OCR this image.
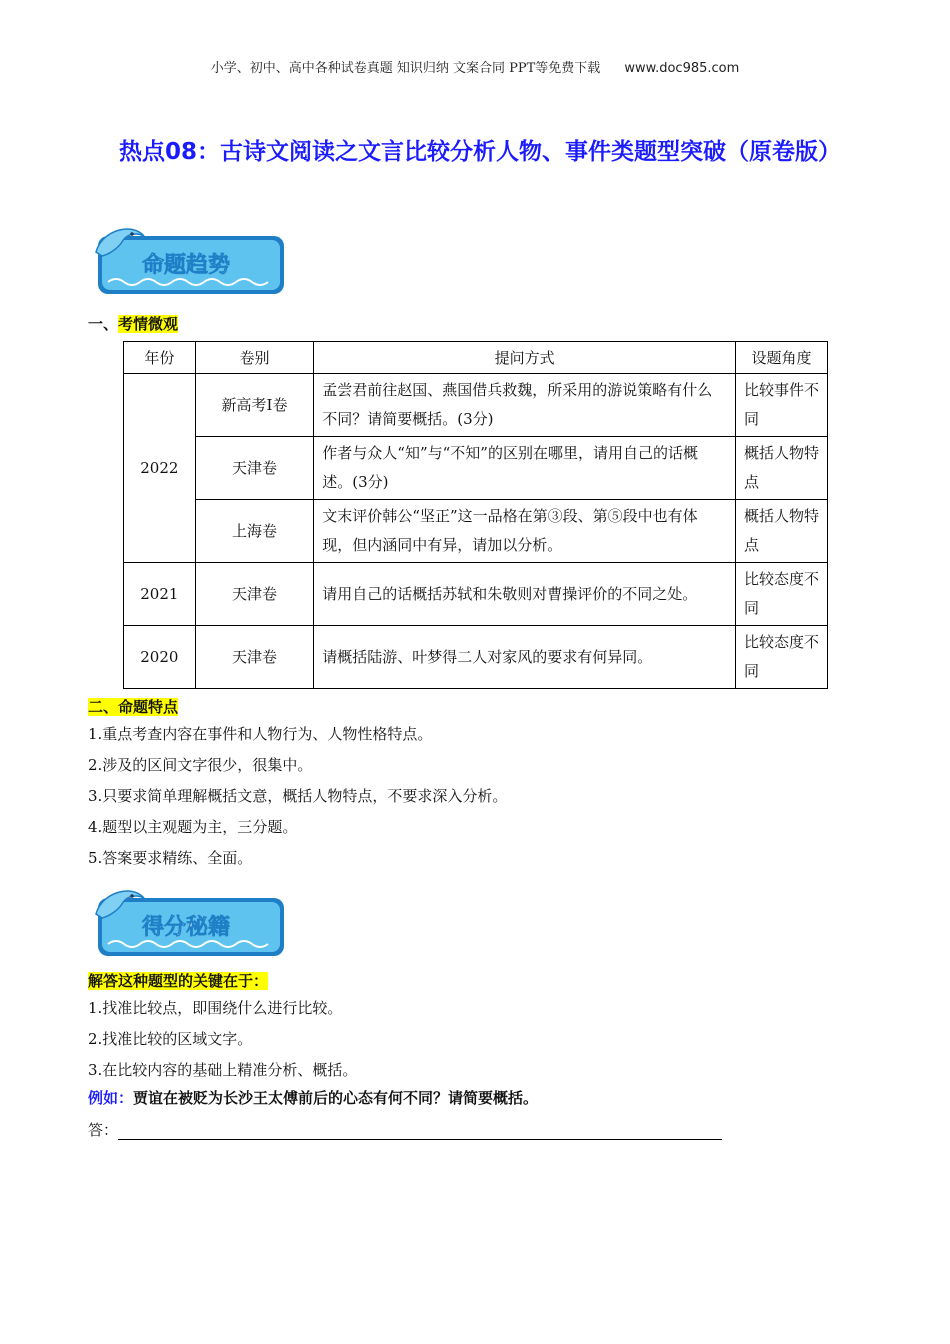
小学、初中、高中各种试卷真题 知识归纳 文案合同 PPT等免费下载 www.doc985.com
热点08：古诗文阅读之文言比较分析人物、事件类题型突破（原卷版）
命题趋势
一、考情微观
年份	卷别	提问方式	设题角度
2022	新高考Ⅰ卷	孟尝君前往赵国、燕国借兵救魏，所采用的游说策略有什么不同？请简要概括。(3分)	比较事件不同
	天津卷	作者与众人“知”与“不知”的区别在哪里，请用自己的话概述。(3分)	概括人物特点
	上海卷	文末评价韩公“坚正”这一品格在第③段、第⑤段中也有体现，但内涵同中有异，请加以分析。	概括人物特点
2021	天津卷	请用自己的话概括苏轼和朱敬则对曹操评价的不同之处。	比较态度不同
2020	天津卷	请概括陆游、叶梦得二人对家风的要求有何异同。	比较态度不同
二、命题特点
1.重点考查内容在事件和人物行为、人物性格特点。
2.涉及的区间文字很少，很集中。
3.只要求简单理解概括文意，概括人物特点，不要求深入分析。
4.题型以主观题为主，三分题。
5.答案要求精练、全面。
得分秘籍
解答这种题型的关键在于：
1.找准比较点，即围绕什么进行比较。
2.找准比较的区域文字。
3.在比较内容的基础上精准分析、概括。
例如：贾谊在被贬为长沙王太傅前后的心态有何不同？请简要概括。
答：
